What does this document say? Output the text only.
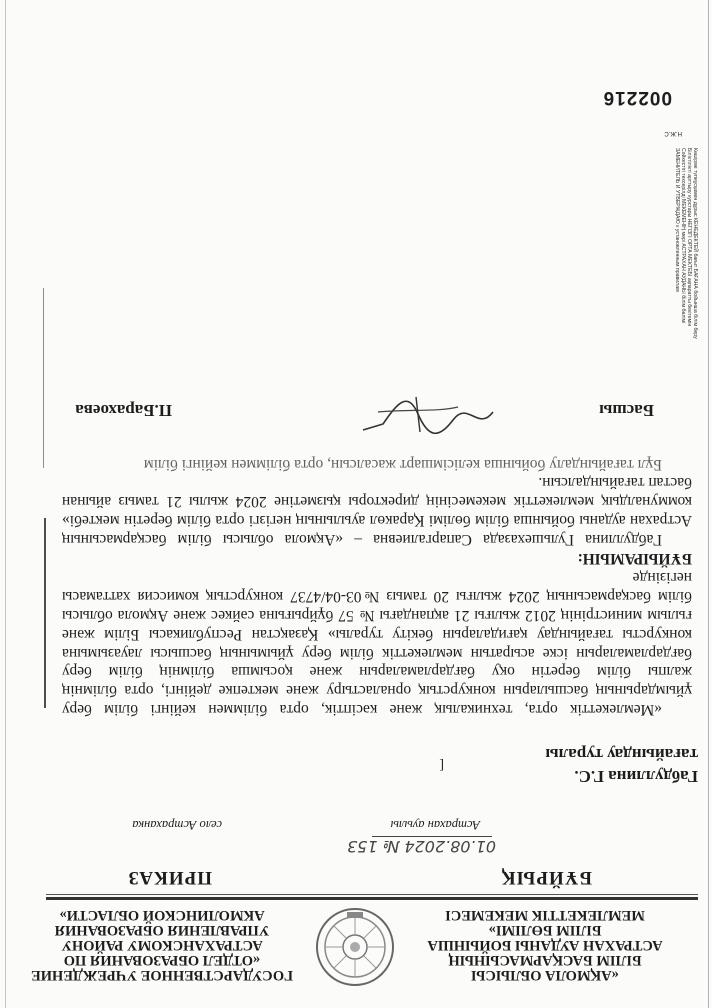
«АҚМОЛА ОБЛЫСЫ
БІЛІМ БАСҚАРМАСЫНЫҢ
АСТРАХАН АУДАНЫ БОЙЫНША
БІЛІМ БӨЛІМІ»
МЕМЛЕКЕТТІК МЕКЕМЕСІ
ГОСУДАРСТВЕННОЕ УЧРЕЖДЕНИЕ
«ОТДЕЛ ОБРАЗОВАНИЯ ПО
АСТРАХАНСКОМУ РАЙОНУ
УПРАВЛЕНИЯ ОБРАЗОВАНИЯ
АКМОЛИНСКОЙ ОБЛАСТИ»
БҰЙРЫҚ
ПРИКАЗ
01.08.2024 № 153
Астрахан ауылы
село Астраханка
[
Габдуллина Г.С.
тағайындау туралы

«Мемлекеттік орта, техникалық және кәсіптік, орта біліммен кейінгі білім беру ұйымдарының басшыларын конкурстық орналастыру және мектепке дейінгі, орта білімнің жалпы білім беретін оқу бағдарламаларын және қосымша білімнің білім беру бағдарламаларын іске асыратын мемлекеттік білім беру ұйымының басшысы лауазымына конкурсты тағайындау қағидаларын бекіту туралы» Қазақстан Республикасы Білім және ғылым министрінің 2012 жылғы 21 ақпандағы № 57 бұйрығына сәйкес және Ақмола облысы білім басқармасының 2024 жылғы 20 тамыз №03-04/4737 конкурстық комиссия хаттамасы негізінде

БҰЙЫРАМЫН:

Габдуллина Гульшехазада Сапаргалиевна – «Ақмола облысы білім басқармасының Астрахан ауданы бойынша білім бөлімі Қаракөл ауылының негізгі орта білім беретін мектебі» коммуналдық мемлекеттік мекемесінің директоры қызметіне 2024 жылы 21 тамыз айынан бастап тағайындалсын.

Бұл тағайындалу бойынша келісімшарт жасалсын, орта біліммен кейінгі білім

Басшы
П.Барахоева
Көшірме түпнұсқамен дұрыс КЕНЕДЕКТЕЙ бағыт БАҒАНА бойынша білім беру
Біліктілікті арттыру курстары НЕГІЗГІ ОРТА МЕКТЕБІ ақпаратты бекітемін
Сәйкестігі тексерілді МЕКЕМЕНІҢ мөрі АСТРАХАН АУДАНЫ білім бөлімі
ЗАМЕНИТЕЛЬ И УТВЕРЖДАЮ к установленным правилам
Н.Ж.С
002216
